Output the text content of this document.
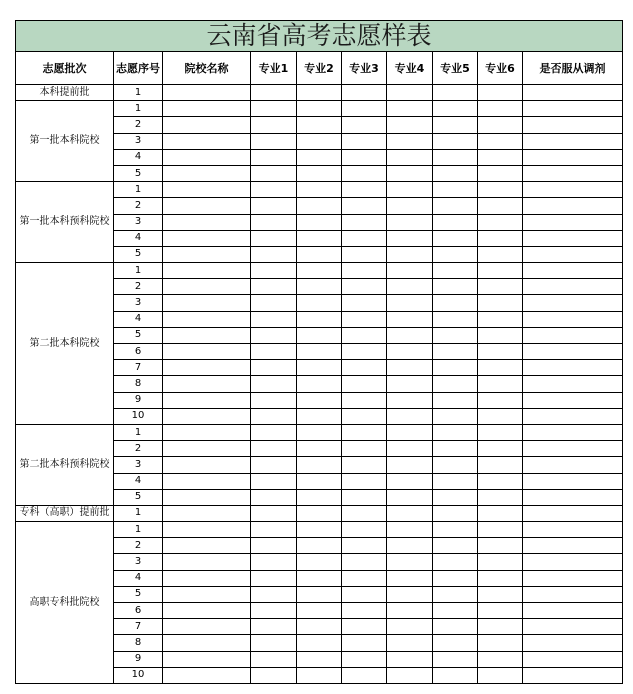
云南省高考志愿样表									
志愿批次	志愿序号	院校名称	专业1	专业2	专业3	专业4	专业5	专业6	是否服从调剂
本科提前批	1								
第一批本科院校	1								
	2								
	3								
	4								
	5								
第一批本科预科院校	1								
	2								
	3								
	4								
	5								
第二批本科院校	1								
	2								
	3								
	4								
	5								
	6								
	7								
	8								
	9								
	10								
第二批本科预科院校	1								
	2								
	3								
	4								
	5								
专科（高职）提前批	1								
高职专科批院校	1								
	2								
	3								
	4								
	5								
	6								
	7								
	8								
	9								
	10								
